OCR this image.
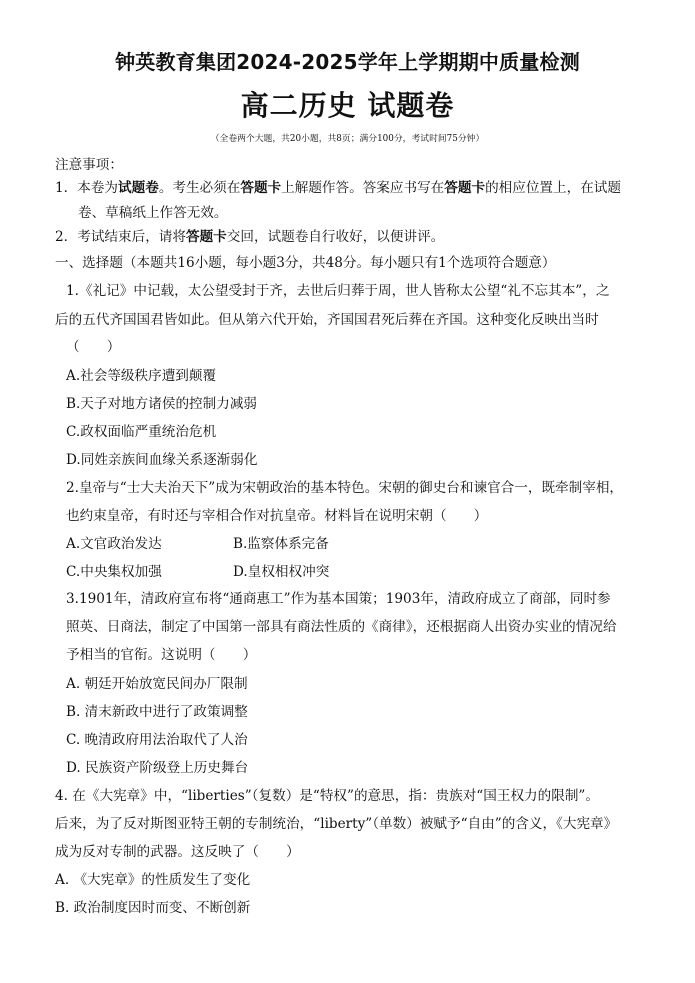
钟英教育集团2024-2025学年上学期期中质量检测
高二历史 试题卷
（全卷两个大题，共20小题，共8页；满分100分，考试时间75分钟）
注意事项：
1．本卷为试题卷。考生必须在答题卡上解题作答。答案应书写在答题卡的相应位置上，在试题
卷、草稿纸上作答无效。
2．考试结束后，请将答题卡交回，试题卷自行收好，以便讲评。
一、选择题（本题共16小题，每小题3分，共48分。每小题只有1个选项符合题意）
1.《礼记》中记载，太公望受封于齐，去世后归葬于周，世人皆称太公望“礼不忘其本”，之
后的五代齐国国君皆如此。但从第六代开始，齐国国君死后葬在齐国。这种变化反映出当时
（　　）
A.社会等级秩序遭到颠覆
B.天子对地方诸侯的控制力减弱
C.政权面临严重统治危机
D.同姓亲族间血缘关系逐渐弱化
2.皇帝与“士大夫治天下”成为宋朝政治的基本特色。宋朝的御史台和谏官合一，既牵制宰相，
也约束皇帝，有时还与宰相合作对抗皇帝。材料旨在说明宋朝（　　）
A.文官政治发达	B.监察体系完备
C.中央集权加强	D.皇权相权冲突
3.1901年，清政府宣布将“通商惠工”作为基本国策；1903年，清政府成立了商部，同时参
照英、日商法，制定了中国第一部具有商法性质的《商律》，还根据商人出资办实业的情况给
予相当的官衔。这说明（　　）
A. 朝廷开始放宽民间办厂限制
B. 清末新政中进行了政策调整
C. 晚清政府用法治取代了人治
D. 民族资产阶级登上历史舞台
4. 在《大宪章》中，“liberties”（复数）是“特权”的意思，指：贵族对“国王权力的限制”。
后来，为了反对斯图亚特王朝的专制统治，“liberty”（单数）被赋予“自由”的含义，《大宪章》
成为反对专制的武器。这反映了（　　）
A. 《大宪章》的性质发生了变化
B. 政治制度因时而变、不断创新
